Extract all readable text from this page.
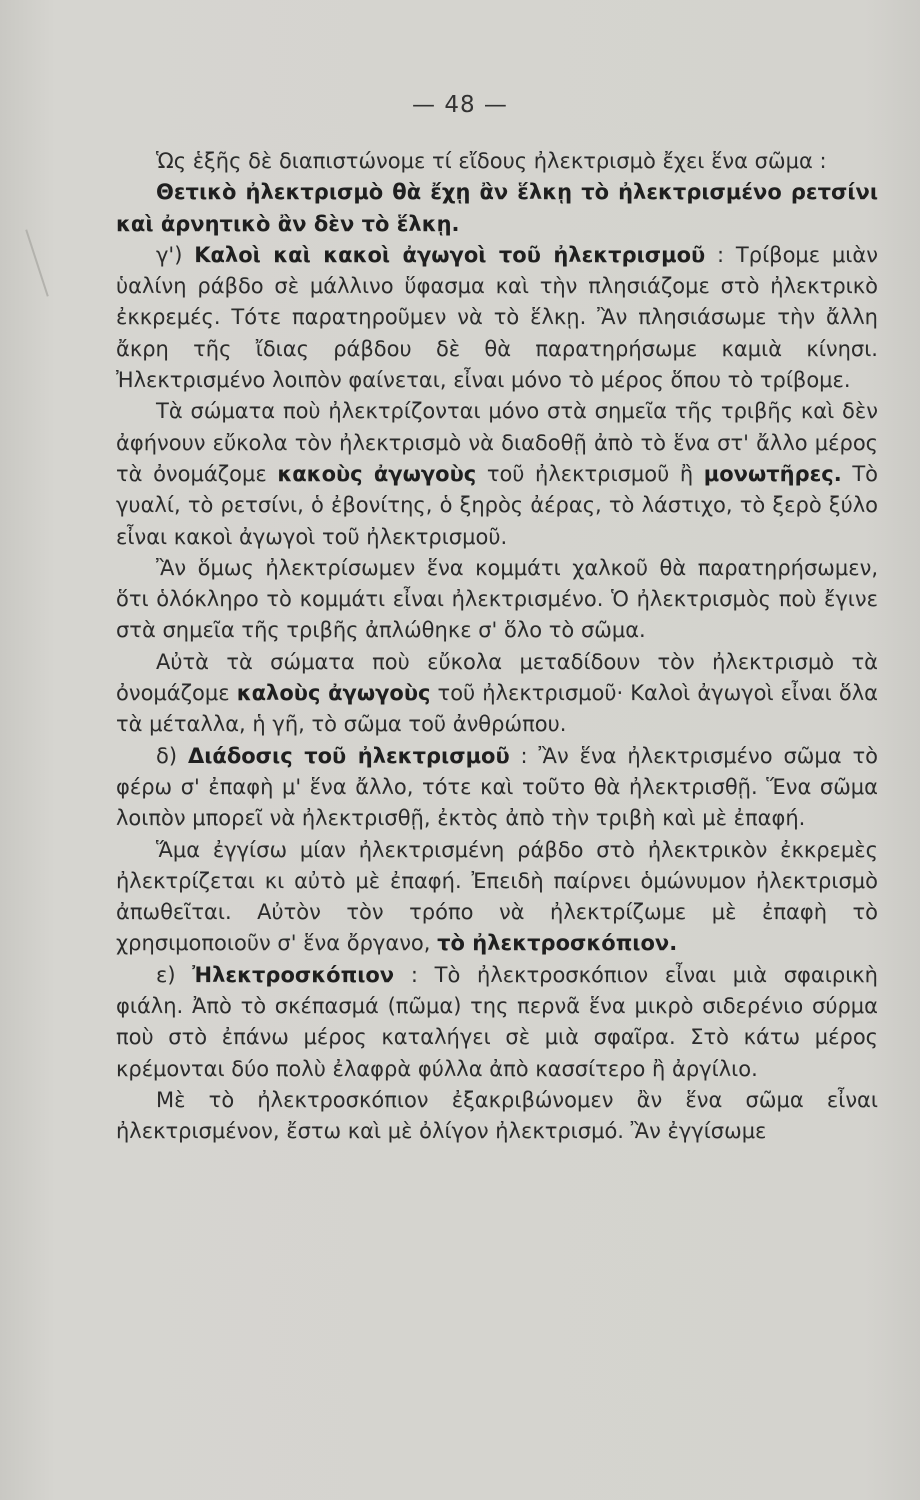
— 48 —

Ὡς ἑξῆς δὲ διαπιστώνομε τί εἴδους ἠλεκτρισμὸ ἔχει ἕνα σῶμα :

Θετικὸ ἠλεκτρισμὸ θὰ ἔχῃ ἂν ἕλκῃ τὸ ἠλεκτρισμένο ρετσίνι καὶ ἀρνητικὸ ἂν δὲν τὸ ἕλκῃ.

γ') Καλοὶ καὶ κακοὶ ἀγωγοὶ τοῦ ἠλεκτρισμοῦ : Τρίβομε μιὰν ὑαλίνη ράβδο σὲ μάλλινο ὕφασμα καὶ τὴν πλησιάζομε στὸ ἠλεκτρικὸ ἐκκρεμές. Τότε παρατηροῦμεν νὰ τὸ ἕλκῃ. Ἂν πλησιάσωμε τὴν ἄλλη ἄκρη τῆς ἴδιας ράβδου δὲ θὰ παρατηρήσωμε καμιὰ κίνησι. Ἠλεκτρισμένο λοιπὸν φαίνεται, εἶναι μόνο τὸ μέρος ὅπου τὸ τρίβομε.

Τὰ σώματα ποὺ ἠλεκτρίζονται μόνο στὰ σημεῖα τῆς τριβῆς καὶ δὲν ἀφήνουν εὔκολα τὸν ἠλεκτρισμὸ νὰ διαδοθῇ ἀπὸ τὸ ἕνα στ' ἄλλο μέρος τὰ ὀνομάζομε κακοὺς ἀγωγοὺς τοῦ ἠλεκτρισμοῦ ἢ μονωτῆρες. Τὸ γυαλί, τὸ ρετσίνι, ὁ ἐβονίτης, ὁ ξηρὸς ἀέρας, τὸ λάστιχο, τὸ ξερὸ ξύλο εἶναι κακοὶ ἀγωγοὶ τοῦ ἠλεκτρισμοῦ.

Ἂν ὅμως ἠλεκτρίσωμεν ἕνα κομμάτι χαλκοῦ θὰ παρατηρήσωμεν, ὅτι ὁλόκληρο τὸ κομμάτι εἶναι ἠλεκτρισμένο. Ὁ ἠλεκτρισμὸς ποὺ ἔγινε στὰ σημεῖα τῆς τριβῆς ἀπλώθηκε σ' ὅλο τὸ σῶμα.

Αὐτὰ τὰ σώματα ποὺ εὔκολα μεταδίδουν τὸν ἠλεκτρισμὸ τὰ ὀνομάζομε καλοὺς ἀγωγοὺς τοῦ ἠλεκτρισμοῦ· Καλοὶ ἀγωγοὶ εἶναι ὅλα τὰ μέταλλα, ἡ γῆ, τὸ σῶμα τοῦ ἀνθρώπου.

δ) Διάδοσις τοῦ ἠλεκτρισμοῦ : Ἂν ἕνα ἠλεκτρισμένο σῶμα τὸ φέρω σ' ἐπαφὴ μ' ἕνα ἄλλο, τότε καὶ τοῦτο θὰ ἠλεκτρισθῇ. Ἕνα σῶμα λοιπὸν μπορεῖ νὰ ἠλεκτρισθῇ, ἐκτὸς ἀπὸ τὴν τριβὴ καὶ μὲ ἐπαφή.

Ἅμα ἐγγίσω μίαν ἠλεκτρισμένη ράβδο στὸ ἠλεκτρικὸν ἐκκρεμὲς ἠλεκτρίζεται κι αὐτὸ μὲ ἐπαφή. Ἐπειδὴ παίρνει ὁμώνυμον ἠλεκτρισμὸ ἀπωθεῖται. Αὐτὸν τὸν τρόπο νὰ ἠλεκτρίζωμε μὲ ἐπαφὴ τὸ χρησιμοποιοῦν σ' ἕνα ὄργανο, τὸ ἠλεκτροσκόπιον.

ε) Ἠλεκτροσκόπιον : Τὸ ἠλεκτροσκόπιον εἶναι μιὰ σφαιρικὴ φιάλη. Ἀπὸ τὸ σκέπασμά (πῶμα) της περνᾶ ἕνα μικρὸ σιδερένιο σύρμα ποὺ στὸ ἐπάνω μέρος καταλήγει σὲ μιὰ σφαῖρα. Στὸ κάτω μέρος κρέμονται δύο πολὺ ἐλαφρὰ φύλλα ἀπὸ κασσίτερο ἢ ἀργίλιο.

Μὲ τὸ ἠλεκτροσκόπιον ἐξακριβώνομεν ἂν ἕνα σῶμα εἶναι ἠλεκτρισμένον, ἔστω καὶ μὲ ὀλίγον ἠλεκτρισμό. Ἂν ἐγγίσωμε
